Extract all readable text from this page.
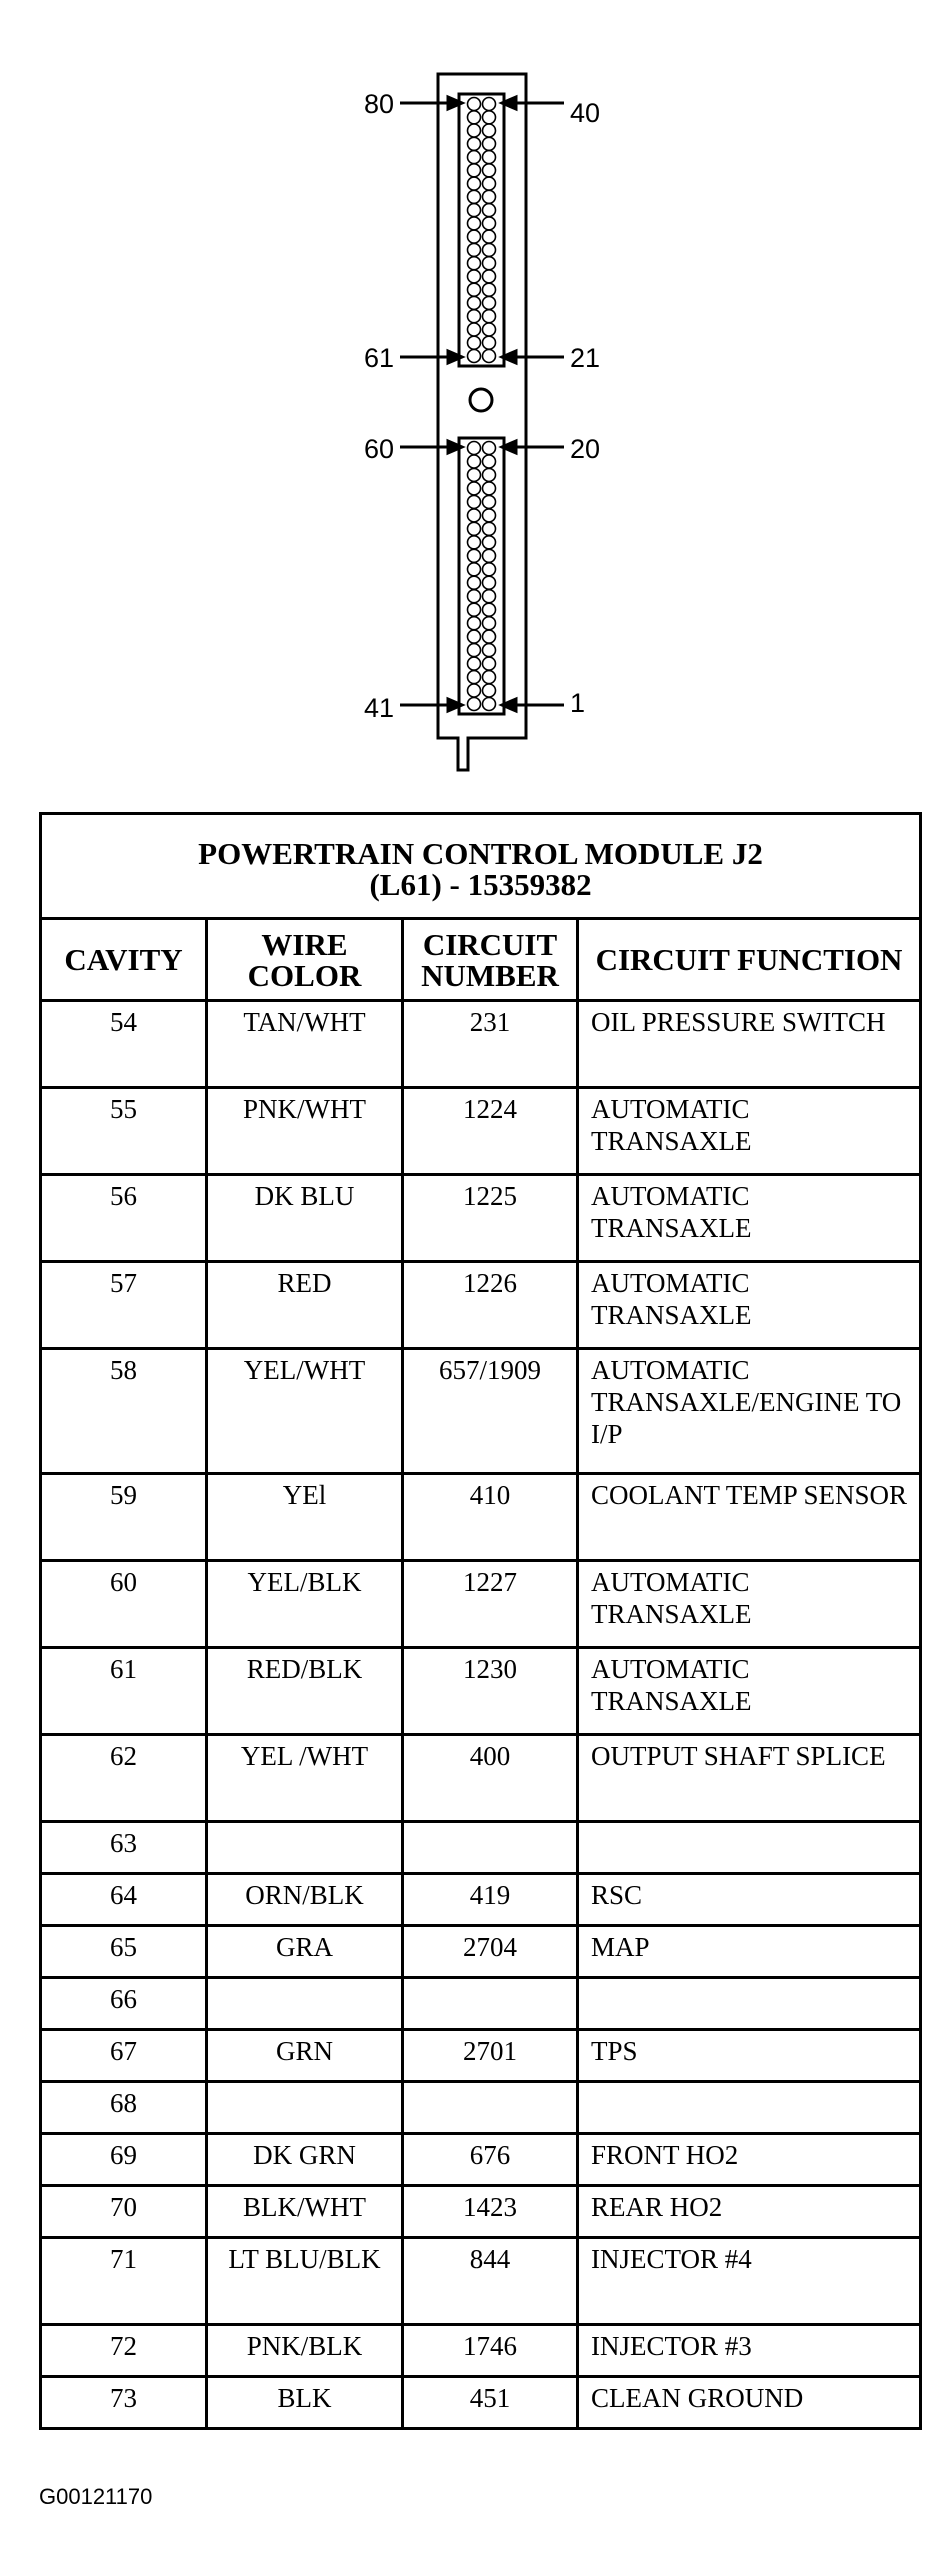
80	40
61	21
60	20
41	1
POWERTRAIN CONTROL MODULE J2
(L61) - 15359382			

CAVITY	WIRE COLOR	CIRCUIT NUMBER	CIRCUIT FUNCTION
54	TAN/WHT	231	OIL PRESSURE SWITCH
55	PNK/WHT	1224	AUTOMATIC TRANSAXLE
56	DK BLU	1225	AUTOMATIC TRANSAXLE
57	RED	1226	AUTOMATIC TRANSAXLE
58	YEL/WHT	657/1909	AUTOMATIC TRANSAXLE/ENGINE TO I/P
59	YEl	410	COOLANT TEMP SENSOR
60	YEL/BLK	1227	AUTOMATIC TRANSAXLE
61	RED/BLK	1230	AUTOMATIC TRANSAXLE
62	YEL /WHT	400	OUTPUT SHAFT SPLICE
63			
64	ORN/BLK	419	RSC
65	GRA	2704	MAP
66			
67	GRN	2701	TPS
68			
69	DK GRN	676	FRONT HO2
70	BLK/WHT	1423	REAR HO2
71	LT BLU/BLK	844	INJECTOR #4
72	PNK/BLK	1746	INJECTOR #3
73	BLK	451	CLEAN GROUND
G00121170
